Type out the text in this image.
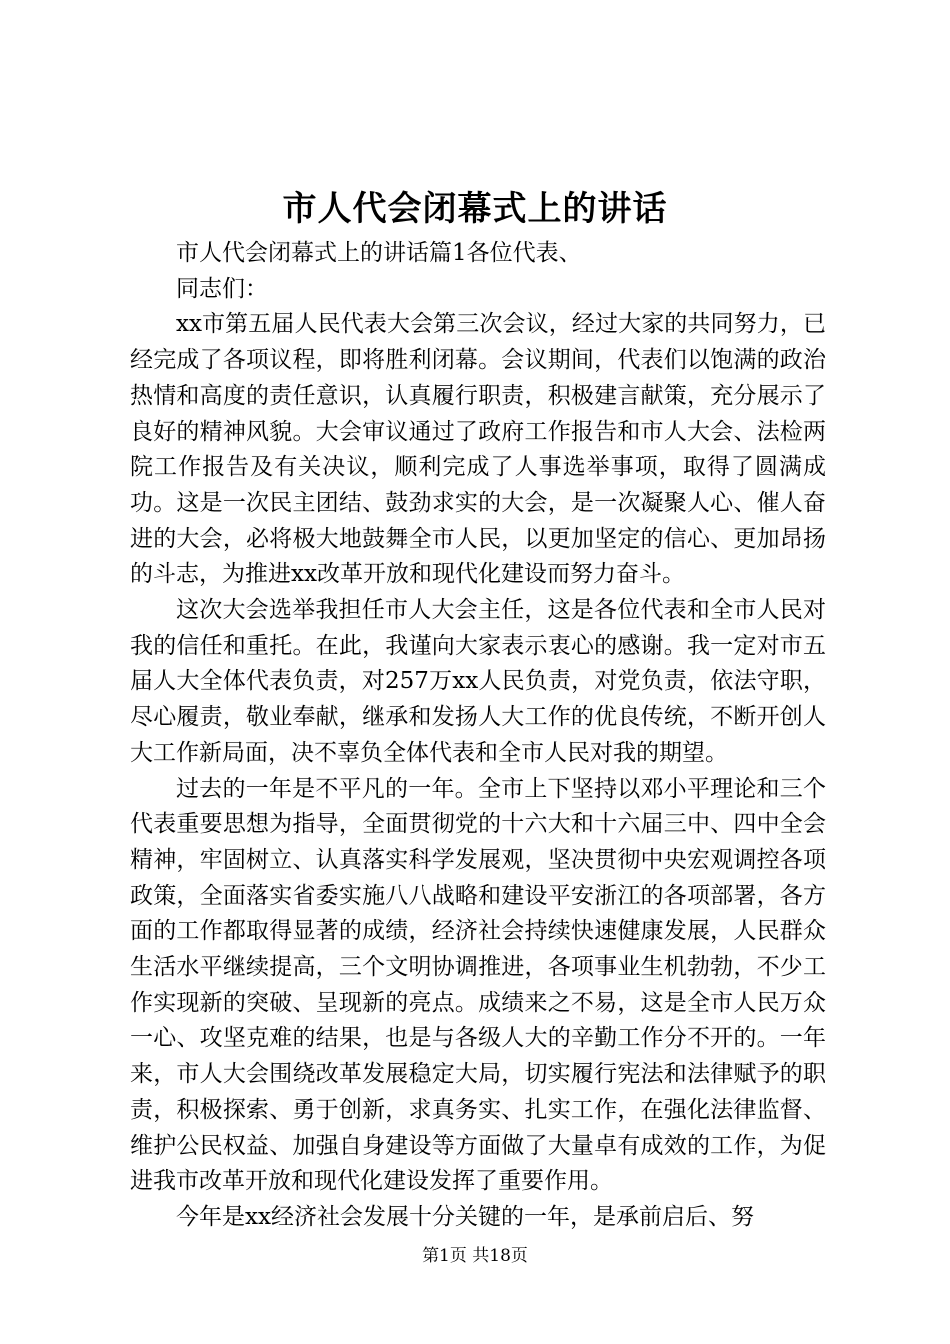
市人代会闭幕式上的讲话

市人代会闭幕式上的讲话篇1各位代表、

同志们：

xx市第五届人民代表大会第三次会议，经过大家的共同努力，已经完成了各项议程，即将胜利闭幕。会议期间，代表们以饱满的政治热情和高度的责任意识，认真履行职责，积极建言献策，充分展示了良好的精神风貌。大会审议通过了政府工作报告和市人大会、法检两院工作报告及有关决议，顺利完成了人事选举事项，取得了圆满成功。这是一次民主团结、鼓劲求实的大会，是一次凝聚人心、催人奋进的大会，必将极大地鼓舞全市人民，以更加坚定的信心、更加昂扬的斗志，为推进xx改革开放和现代化建设而努力奋斗。

这次大会选举我担任市人大会主任，这是各位代表和全市人民对我的信任和重托。在此，我谨向大家表示衷心的感谢。我一定对市五届人大全体代表负责，对257万xx人民负责，对党负责，依法守职，尽心履责，敬业奉献，继承和发扬人大工作的优良传统，不断开创人大工作新局面，决不辜负全体代表和全市人民对我的期望。

过去的一年是不平凡的一年。全市上下坚持以邓小平理论和三个代表重要思想为指导，全面贯彻党的十六大和十六届三中、四中全会精神，牢固树立、认真落实科学发展观，坚决贯彻中央宏观调控各项政策，全面落实省委实施八八战略和建设平安浙江的各项部署，各方面的工作都取得显著的成绩，经济社会持续快速健康发展，人民群众生活水平继续提高，三个文明协调推进，各项事业生机勃勃，不少工作实现新的突破、呈现新的亮点。成绩来之不易，这是全市人民万众一心、攻坚克难的结果，也是与各级人大的辛勤工作分不开的。一年来，市人大会围绕改革发展稳定大局，切实履行宪法和法律赋予的职责，积极探索、勇于创新，求真务实、扎实工作，在强化法律监督、维护公民权益、加强自身建设等方面做了大量卓有成效的工作，为促进我市改革开放和现代化建设发挥了重要作用。

今年是xx经济社会发展十分关键的一年，是承前启后、努

第1页 共18页
